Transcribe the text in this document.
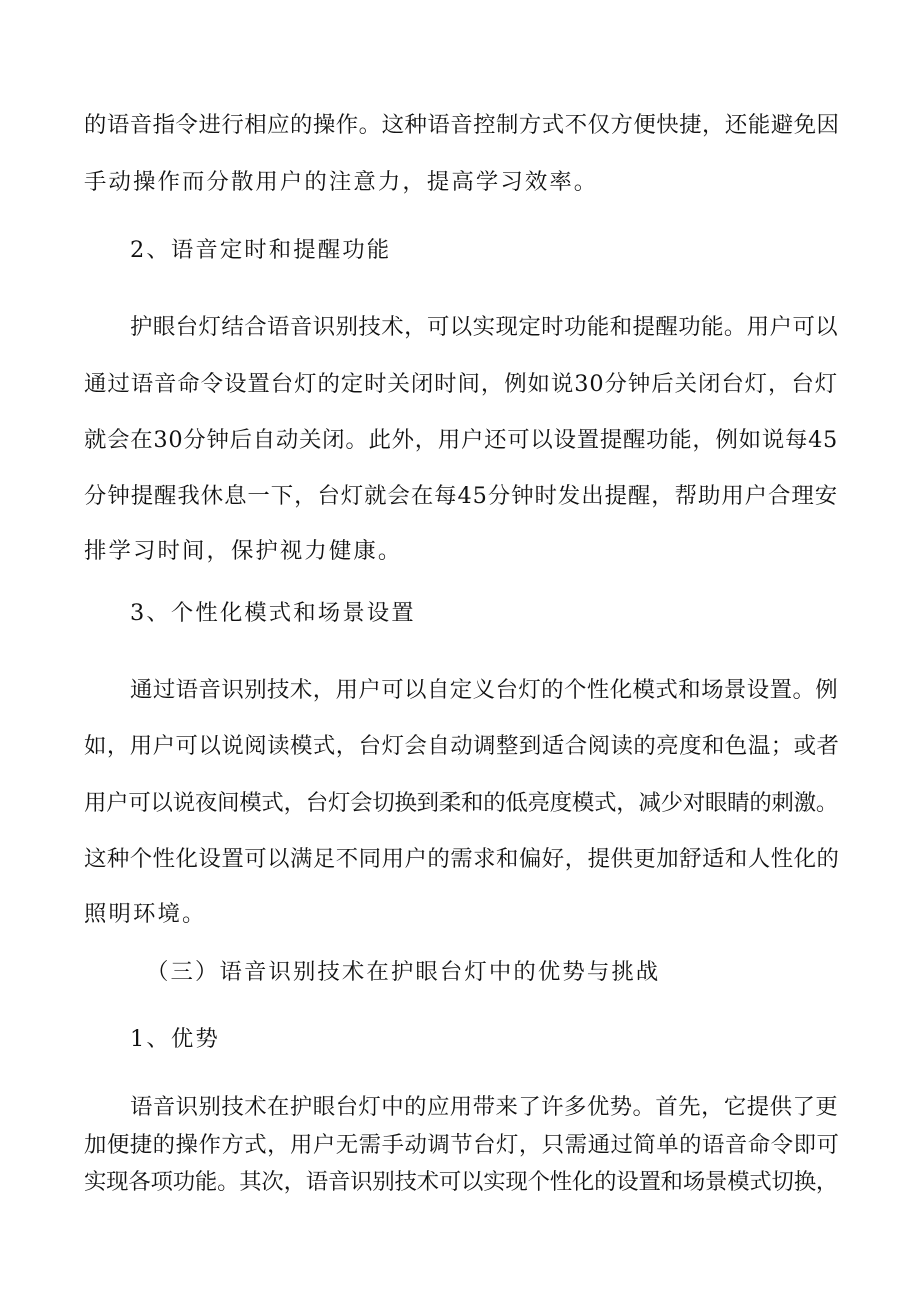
的语音指令进行相应的操作。这种语音控制方式不仅方便快捷，还能避免因

手动操作而分散用户的注意力，提高学习效率。

2、语音定时和提醒功能

护眼台灯结合语音识别技术，可以实现定时功能和提醒功能。用户可以

通过语音命令设置台灯的定时关闭时间，例如说30分钟后关闭台灯，台灯

就会在30分钟后自动关闭。此外，用户还可以设置提醒功能，例如说每45

分钟提醒我休息一下，台灯就会在每45分钟时发出提醒，帮助用户合理安

排学习时间，保护视力健康。

3、个性化模式和场景设置

通过语音识别技术，用户可以自定义台灯的个性化模式和场景设置。例

如，用户可以说阅读模式，台灯会自动调整到适合阅读的亮度和色温；或者

用户可以说夜间模式，台灯会切换到柔和的低亮度模式，减少对眼睛的刺激。

这种个性化设置可以满足不同用户的需求和偏好，提供更加舒适和人性化的

照明环境。

（三）语音识别技术在护眼台灯中的优势与挑战

1、优势

语音识别技术在护眼台灯中的应用带来了许多优势。首先，它提供了更

加便捷的操作方式，用户无需手动调节台灯，只需通过简单的语音命令即可

实现各项功能。其次，语音识别技术可以实现个性化的设置和场景模式切换，
